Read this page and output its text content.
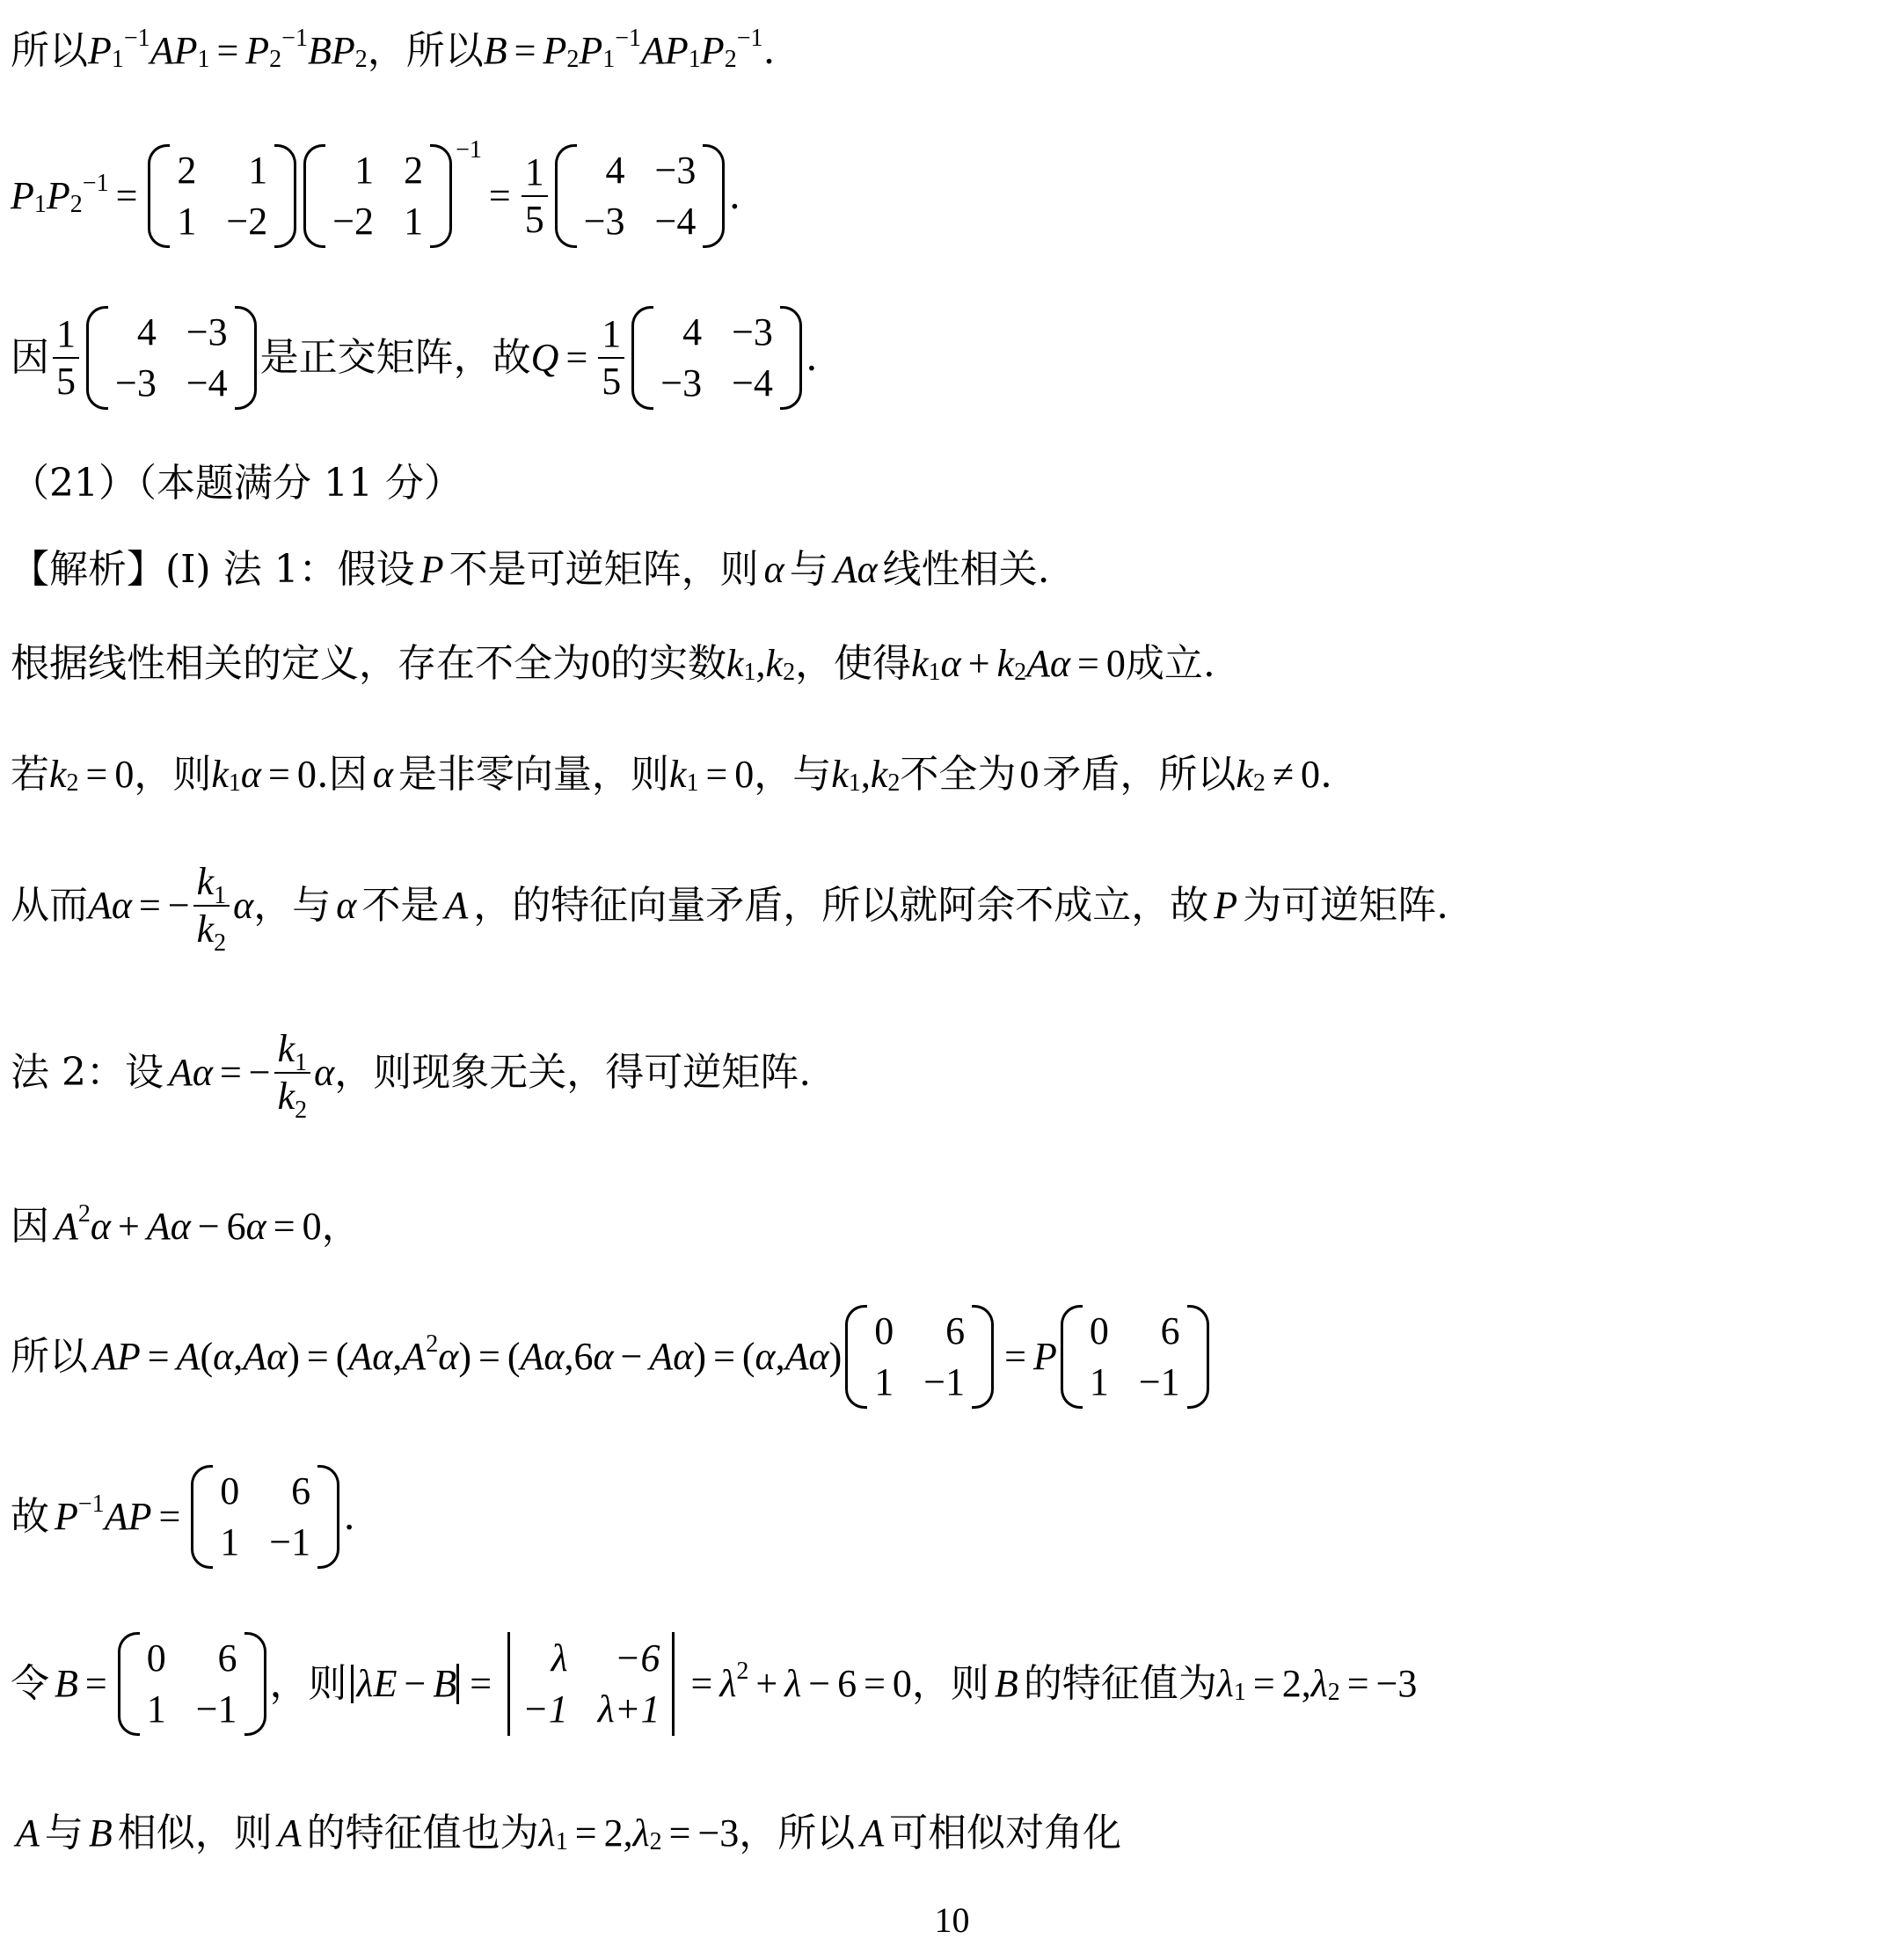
所以 $P_1$
$^{-1}$ $AP_1 = P_2$
$^{-1}$ $BP_2$ ，所以 $B = P_2$ $P_1$
$^{-1}$ $AP_1$ $P_2$
$^{-1}$ .
$P_1$ $P_2$
$^{-1}$ =
2	1
1 −2
1 2
−2 1
$^{-1}$
= $\frac{1}{5}$	4 −3
−3 −4
.
因 $\frac{1}{5}$	4 −3
−3 −4
是正交矩阵，故 $Q = \frac{1}{5}$	4 −3
−3 −4
.
（21）（本题满分 11 分）
【解析】(I) 法 1：假设 P 不是可逆矩阵，则 α 与 Aα 线性相关.
根据线性相关的定义，存在不全为 0 的实数 $k_1$ , $k_2$ ，使得 $k_1$ $\alpha + k_2$ Aα = 0 成立.
若 $k_2 = 0$ ，则 $k_1$ α = 0 .因 α 是非零向量，则 $k_1 = 0$ ，与 $k_1$ , $k_2$ 不全为 0 矛盾，所以 $k_2 \ne 0$ .
从而 Aα = − $\frac{k_1}{k_2}$ α ，与 α 不是 A ，的特征向量矛盾，所以就阿余不成立，故 P 为可逆矩阵.
法 2：设 Aα = − $\frac{k_1}{k_2}$ α ，则现象无关，得可逆矩阵.
因 $A^2$ α + Aα − 6 α = 0 ，
所以 AP = A ( α , Aα ) = ( Aα , $A^2$ α ) = ( Aα ,6 α − Aα ) = ( α , Aα )
0	6
1 −1
= P
0	6
1 −1
故 $P^{-1}$ AP =
0	6
1 −1
.
令 B =
0	6
1 −1
，则 λE − B =
λ	−6
−1 λ+1
= $\lambda^2 + \lambda - 6 = 0$ ，则 B 的特征值为 $\lambda_1 = 2$, $\lambda_2 = -3$
A 与 B 相似，则 A 的特征值也为 $\lambda_1 = 2$, $\lambda_2 = -3$ ，所以 A 可相似对角化
10
